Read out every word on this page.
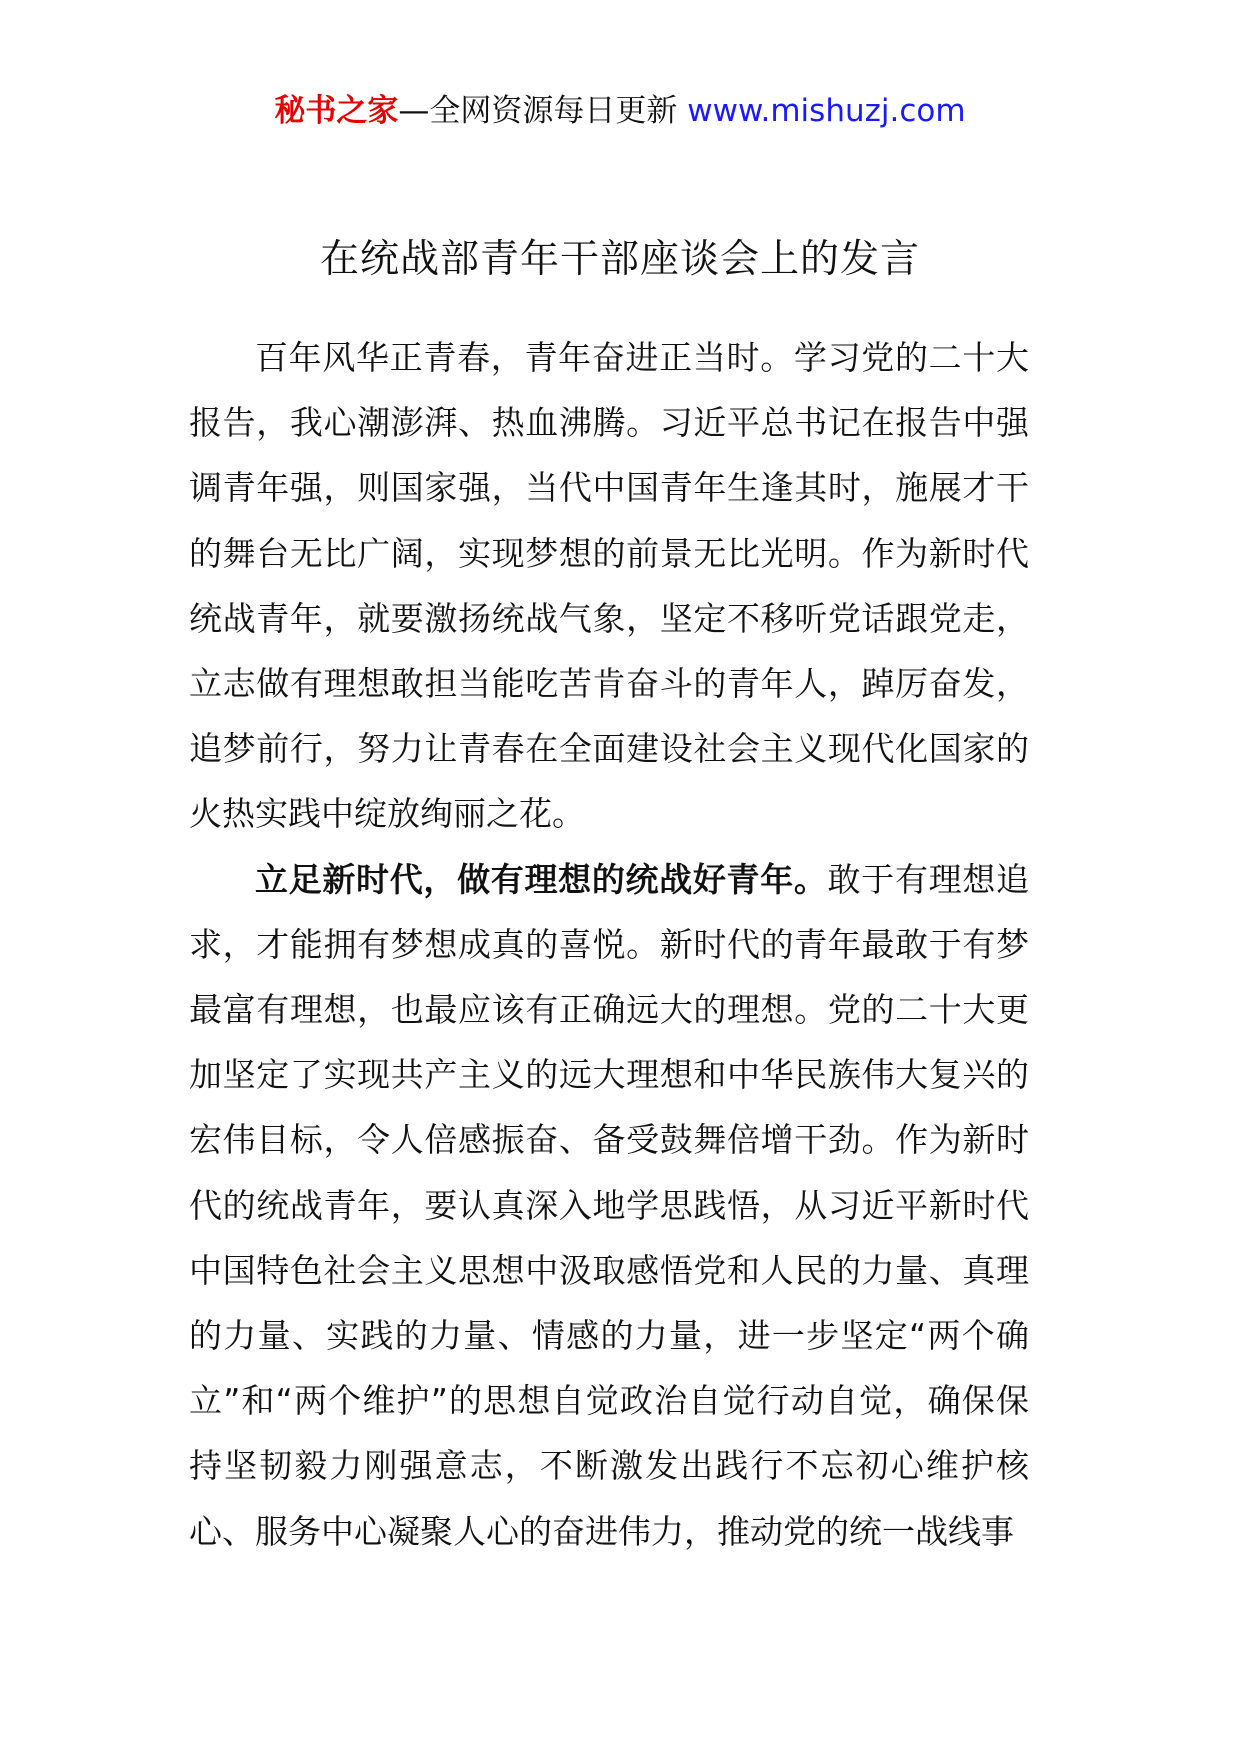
秘书之家—全网资源每日更新 www.mishuzj.com
在统战部青年干部座谈会上的发言

百年风华正青春，青年奋进正当时。学习党的二十大报告，我心潮澎湃、热血沸腾。习近平总书记在报告中强调青年强，则国家强，当代中国青年生逢其时，施展才干的舞台无比广阔，实现梦想的前景无比光明。作为新时代统战青年，就要激扬统战气象，坚定不移听党话跟党走，立志做有理想敢担当能吃苦肯奋斗的青年人，踔厉奋发，追梦前行，努力让青春在全面建设社会主义现代化国家的火热实践中绽放绚丽之花。

立足新时代，做有理想的统战好青年。敢于有理想追求，才能拥有梦想成真的喜悦。新时代的青年最敢于有梦最富有理想，也最应该有正确远大的理想。党的二十大更加坚定了实现共产主义的远大理想和中华民族伟大复兴的宏伟目标，令人倍感振奋、备受鼓舞倍增干劲。作为新时代的统战青年，要认真深入地学思践悟，从习近平新时代中国特色社会主义思想中汲取感悟党和人民的力量、真理的力量、实践的力量、情感的力量，进一步坚定“两个确立”和“两个维护”的思想自觉政治自觉行动自觉，确保保持坚韧毅力刚强意志，不断激发出践行不忘初心维护核心、服务中心凝聚人心的奋进伟力，推动党的统一战线事
